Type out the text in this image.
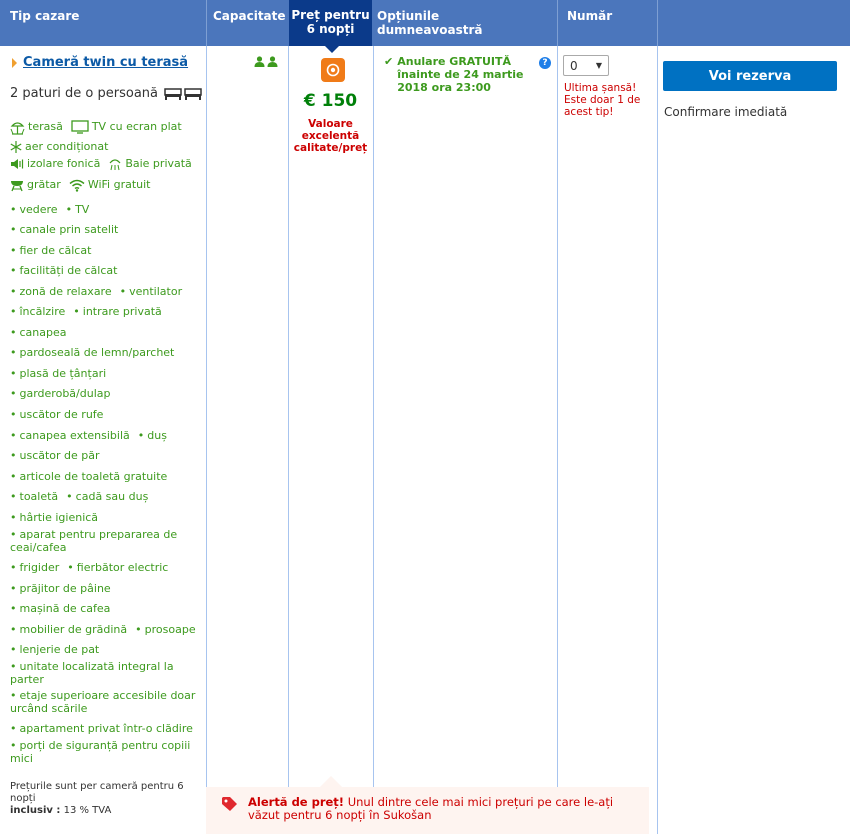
Tip cazare	Capacitate Preț pentru 6 nopți
Opțiunile dumneavoastră
Număr
Cameră twin cu terasă
2 paturi de o persoană
terasă	TV cu ecran plat
aer condiționat
izolare fonică Baie privată
grătar WiFi gratuit
• vedere • TV
• canale prin satelit
• fier de călcat
• facilități de călcat
• zonă de relaxare • ventilator
• încălzire • intrare privată
• canapea
• pardoseală de lemn/parchet
• plasă de țânțari
• garderobă/dulap
• uscător de rufe
• canapea extensibilă • duș
• uscător de păr
• articole de toaletă gratuite
• toaletă • cadă sau duș
• hârtie igienică
• aparat pentru prepararea de ceai/cafea
• frigider • fierbător electric
• prăjitor de pâine
• mașină de cafea
• mobilier de grădină • prosoape
• lenjerie de pat
• unitate localizată integral la parter
• etaje superioare accesibile doar urcând scările
• apartament privat într-o clădire
• porți de siguranță pentru copiii mici
Prețurile sunt per cameră pentru 6 nopți
inclusiv : 13 % TVA
€ 150
Valoare excelentă calitate/preț
✔ Anulare GRATUITĂ înainte de 24 martie 2018 ora 23:00
? 0 ▼
Ultima șansă! Este doar 1 de acest tip!
Voi rezerva
Confirmare imediată
Alertă de preț! Unul dintre cele mai mici prețuri pe care le-ați văzut pentru 6 nopți în Sukošan
